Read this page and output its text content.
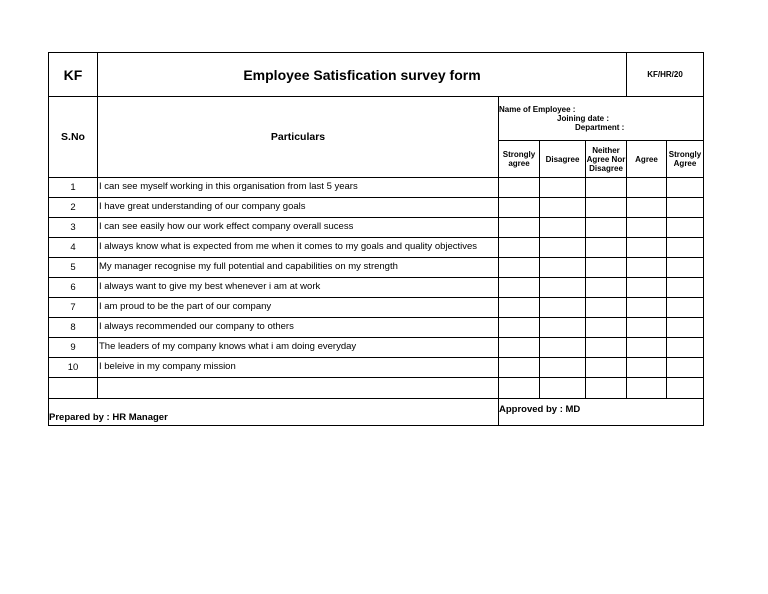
KF	Employee Satisfication survey form				KF/HR/20	
S.No	Particulars	Name of Employee :
Joining date :
Department :				

		Strongly agree	Disagree	Neither Agree Nor Disagree	Agree	Strongly Agree
1	I can see myself working in this organisation from last 5 years					
2	I have great understanding of our company goals					
3	I can see easily how our work effect company overall sucess					
4	I always know what is expected from me when it comes to my goals and quality objectives					
5	My manager recognise my full potential and capabilities on my strength					
6	I always want to give my best whenever i am at work					
7	I am proud to be the part of our company					
8	I always recommended our company to others					
9	The leaders of my company knows what i am doing everyday					
10	I beleive in my company mission					

Prepared by : HR Manager		Approved by : MD				
